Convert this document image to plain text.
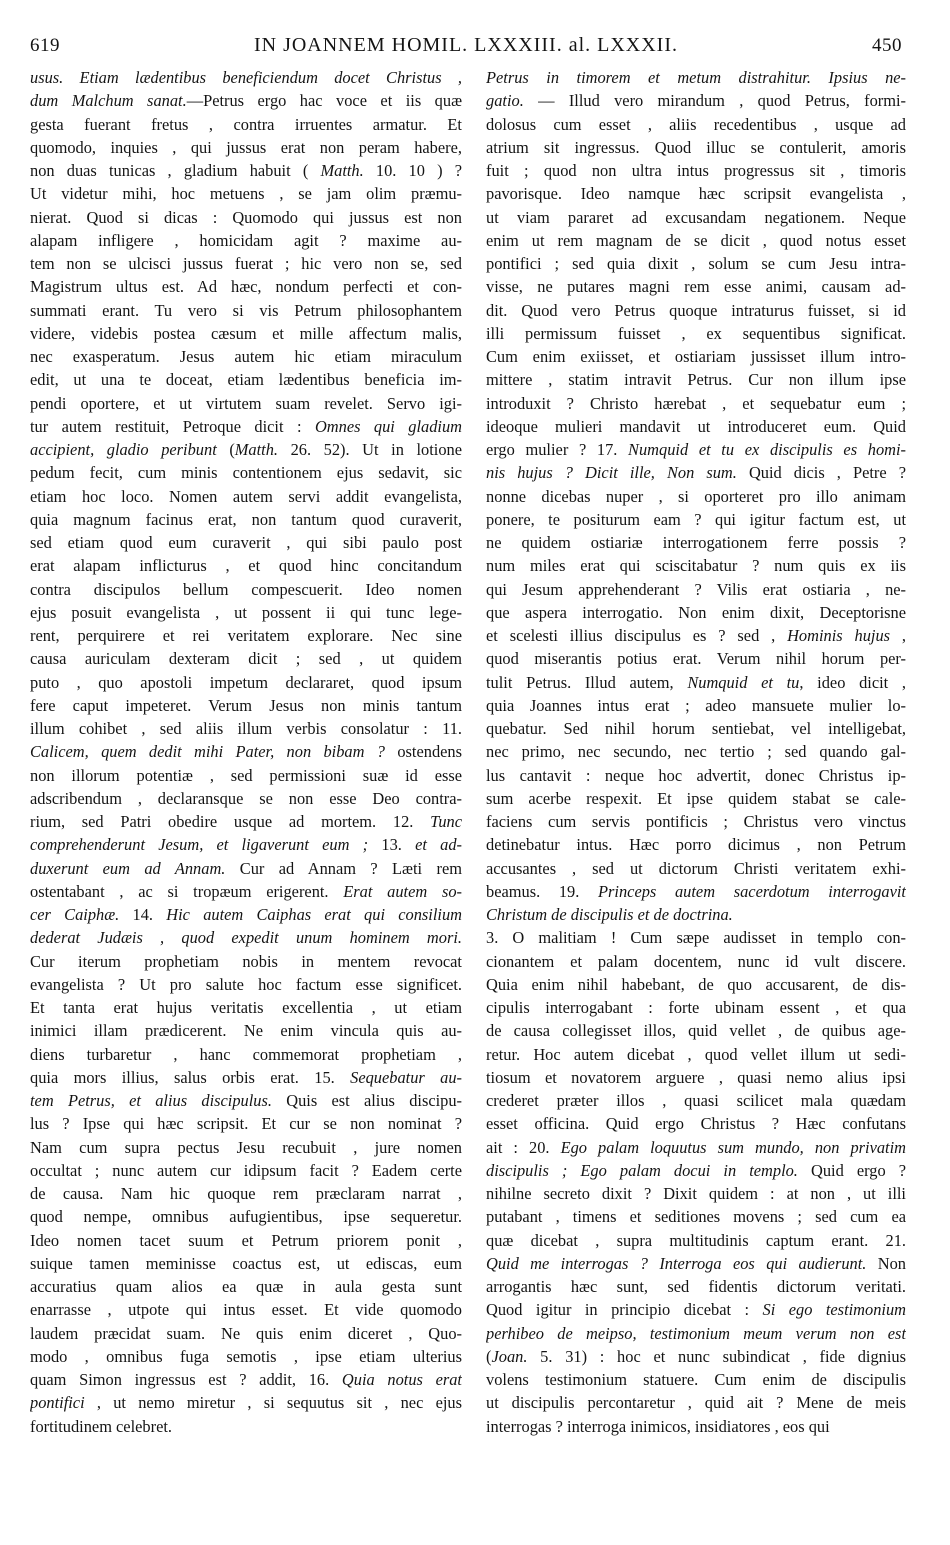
619	IN JOANNEM HOMIL. LXXXIII. al. LXXXII.	450
usus. Etiam lædentibus beneficiendum docet Christus ,
dum Malchum sanat.—Petrus ergo hac voce et iis quæ
gesta fuerant fretus , contra irruentes armatur. Et
quomodo, inquies , qui jussus erat non peram habere,
non duas tunicas , gladium habuit ( Matth. 10. 10 ) ?
Ut videtur mihi, hoc metuens , se jam olim præmu-
nierat. Quod si dicas : Quomodo qui jussus est non
alapam infligere , homicidam agit ? maxime au-
tem non se ulcisci jussus fuerat ; hic vero non se, sed
Magistrum ultus est. Ad hæc, nondum perfecti et con-
summati erant. Tu vero si vis Petrum philosophantem
videre, videbis postea cæsum et mille affectum malis,
nec exasperatum. Jesus autem hic etiam miraculum
edit, ut una te doceat, etiam lædentibus beneficia im-
pendi oportere, et ut virtutem suam revelet. Servo igi-
tur autem restituit, Petroque dicit : Omnes qui gladium
accipient, gladio peribunt (Matth. 26. 52). Ut in lotione
pedum fecit, cum minis contentionem ejus sedavit, sic
etiam hoc loco. Nomen autem servi addit evangelista,
quia magnum facinus erat, non tantum quod curaverit,
sed etiam quod eum curaverit , qui sibi paulo post
erat alapam inflicturus , et quod hinc concitandum
contra discipulos bellum compescuerit. Ideo nomen
ejus posuit evangelista , ut possent ii qui tunc lege-
rent, perquirere et rei veritatem explorare. Nec sine
causa auriculam dexteram dicit ; sed , ut quidem
puto , quo apostoli impetum declararet, quod ipsum
fere caput impeteret. Verum Jesus non minis tantum
illum cohibet , sed aliis illum verbis consolatur : 11.
Calicem, quem dedit mihi Pater, non bibam ? ostendens
non illorum potentiæ , sed permissioni suæ id esse
adscribendum , declaransque se non esse Deo contra-
rium, sed Patri obedire usque ad mortem. 12. Tunc
comprehenderunt Jesum, et ligaverunt eum ; 13. et ad-
duxerunt eum ad Annam. Cur ad Annam ? Læti rem
ostentabant , ac si tropæum erigerent. Erat autem so-
cer Caiphæ. 14. Hic autem Caiphas erat qui consilium
dederat Judæis , quod expedit unum hominem mori.
Cur iterum prophetiam nobis in mentem revocat
evangelista ? Ut pro salute hoc factum esse significet.
Et tanta erat hujus veritatis excellentia , ut etiam
inimici illam prædicerent. Ne enim vincula quis au-
diens turbaretur , hanc commemorat prophetiam ,
quia mors illius, salus orbis erat. 15. Sequebatur au-
tem Petrus, et alius discipulus. Quis est alius discipu-
lus ? Ipse qui hæc scripsit. Et cur se non nominat ?
Nam cum supra pectus Jesu recubuit , jure nomen
occultat ; nunc autem cur idipsum facit ? Eadem certe
de causa. Nam hic quoque rem præclaram narrat ,
quod nempe, omnibus aufugientibus, ipse sequeretur.
Ideo nomen tacet suum et Petrum priorem ponit ,
suique tamen meminisse coactus est, ut ediscas, eum
accuratius quam alios ea quæ in aula gesta sunt
enarrasse , utpote qui intus esset. Et vide quomodo
laudem præcidat suam. Ne quis enim diceret , Quo-
modo , omnibus fuga semotis , ipse etiam ulterius
quam Simon ingressus est ? addit, 16. Quia notus erat
pontifici , ut nemo miretur , si sequutus sit , nec ejus
fortitudinem celebret.
Petrus in timorem et metum distrahitur. Ipsius ne-
gatio. — Illud vero mirandum , quod Petrus, formi-
dolosus cum esset , aliis recedentibus , usque ad
atrium sit ingressus. Quod illuc se contulerit, amoris
fuit ; quod non ultra intus progressus sit , timoris
pavorisque. Ideo namque hæc scripsit evangelista ,
ut viam pararet ad excusandam negationem. Neque
enim ut rem magnam de se dicit , quod notus esset
pontifici ; sed quia dixit , solum se cum Jesu intra-
visse, ne putares magni rem esse animi, causam ad-
dit. Quod vero Petrus quoque intraturus fuisset, si id
illi permissum fuisset , ex sequentibus significat.
Cum enim exiisset, et ostiariam jussisset illum intro-
mittere , statim intravit Petrus. Cur non illum ipse
introduxit ? Christo hærebat , et sequebatur eum ;
ideoque mulieri mandavit ut introduceret eum. Quid
ergo mulier ? 17. Numquid et tu ex discipulis es homi-
nis hujus ? Dicit ille, Non sum. Quid dicis , Petre ?
nonne dicebas nuper , si oporteret pro illo animam
ponere, te positurum eam ? qui igitur factum est, ut
ne quidem ostiariæ interrogationem ferre possis ?
num miles erat qui sciscitabatur ? num quis ex iis
qui Jesum apprehenderant ? Vilis erat ostiaria , ne-
que aspera interrogatio. Non enim dixit, Deceptorisne
et scelesti illius discipulus es ? sed , Hominis hujus ,
quod miserantis potius erat. Verum nihil horum per-
tulit Petrus. Illud autem, Numquid et tu, ideo dicit ,
quia Joannes intus erat ; adeo mansuete mulier lo-
quebatur. Sed nihil horum sentiebat, vel intelligebat,
nec primo, nec secundo, nec tertio ; sed quando gal-
lus cantavit : neque hoc advertit, donec Christus ip-
sum acerbe respexit. Et ipse quidem stabat se cale-
faciens cum servis pontificis ; Christus vero vinctus
detinebatur intus. Hæc porro dicimus , non Petrum
accusantes , sed ut dictorum Christi veritatem exhi-
beamus. 19. Princeps autem sacerdotum interrogavit
Christum de discipulis et de doctrina.
3. O malitiam ! Cum sæpe audisset in templo con-
cionantem et palam docentem, nunc id vult discere.
Quia enim nihil habebant, de quo accusarent, de dis-
cipulis interrogabant : forte ubinam essent , et qua
de causa collegisset illos, quid vellet , de quibus age-
retur. Hoc autem dicebat , quod vellet illum ut sedi-
tiosum et novatorem arguere , quasi nemo alius ipsi
crederet præter illos , quasi scilicet mala quædam
esset officina. Quid ergo Christus ? Hæc confutans
ait : 20. Ego palam loquutus sum mundo, non privatim
discipulis ; Ego palam docui in templo. Quid ergo ?
nihilne secreto dixit ? Dixit quidem : at non , ut illi
putabant , timens et seditiones movens ; sed cum ea
quæ dicebat , supra multitudinis captum erant. 21.
Quid me interrogas ? Interroga eos qui audierunt. Non
arrogantis hæc sunt, sed fidentis dictorum veritati.
Quod igitur in principio dicebat : Si ego testimonium
perhibeo de meipso, testimonium meum verum non est
(Joan. 5. 31) : hoc et nunc subindicat , fide dignius
volens testimonium statuere. Cum enim de discipulis
ut discipulis percontaretur , quid ait ? Mene de meis
interrogas ? interroga inimicos, insidiatores , eos qui
